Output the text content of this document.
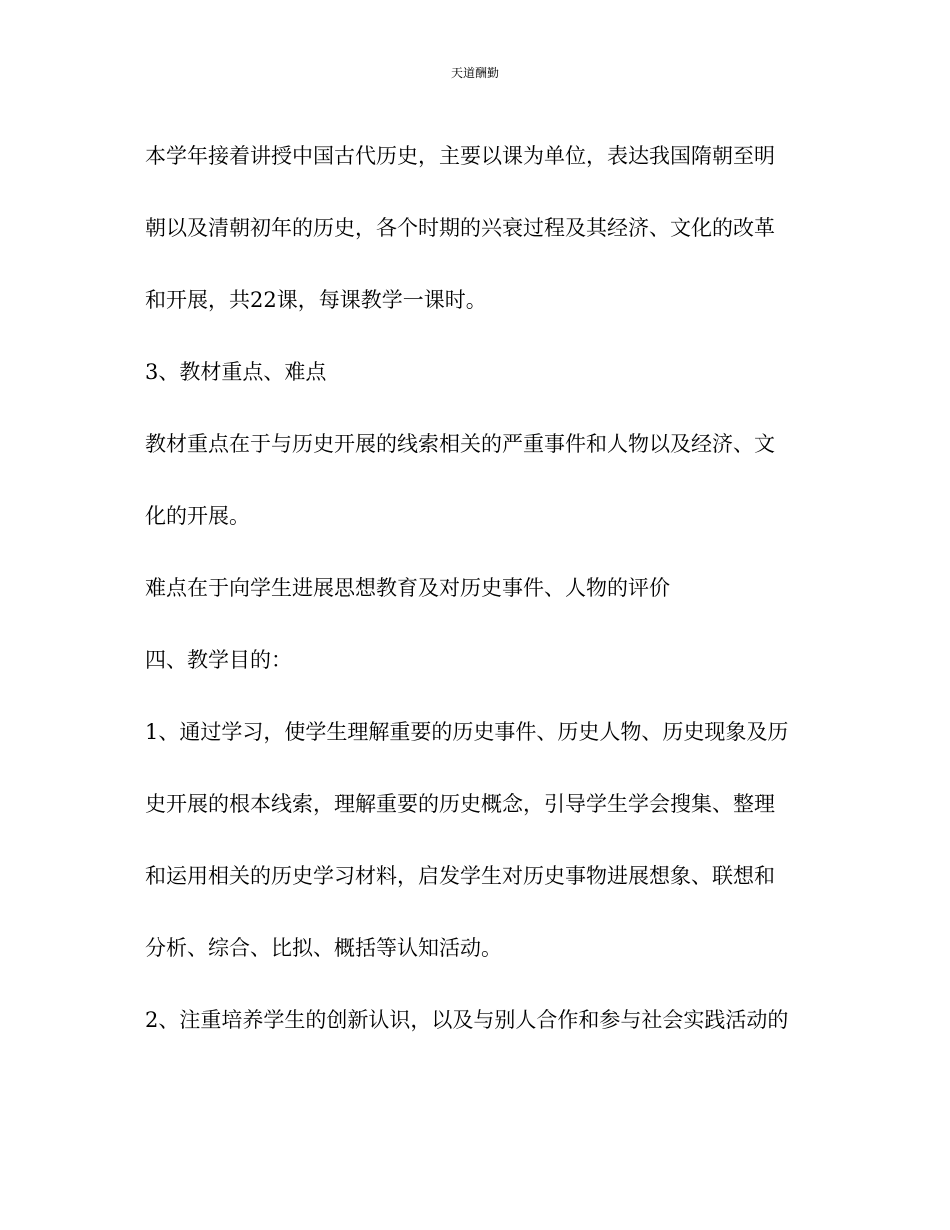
天道酬勤
本学年接着讲授中国古代历史，主要以课为单位，表达我国隋朝至明
朝以及清朝初年的历史，各个时期的兴衰过程及其经济、文化的改革
和开展，共22课，每课教学一课时。
3、教材重点、难点
教材重点在于与历史开展的线索相关的严重事件和人物以及经济、文
化的开展。
难点在于向学生进展思想教育及对历史事件、人物的评价
四、教学目的：
1、通过学习，使学生理解重要的历史事件、历史人物、历史现象及历
史开展的根本线索，理解重要的历史概念，引导学生学会搜集、整理
和运用相关的历史学习材料，启发学生对历史事物进展想象、联想和
分析、综合、比拟、概括等认知活动。
2、注重培养学生的创新认识，以及与别人合作和参与社会实践活动的
